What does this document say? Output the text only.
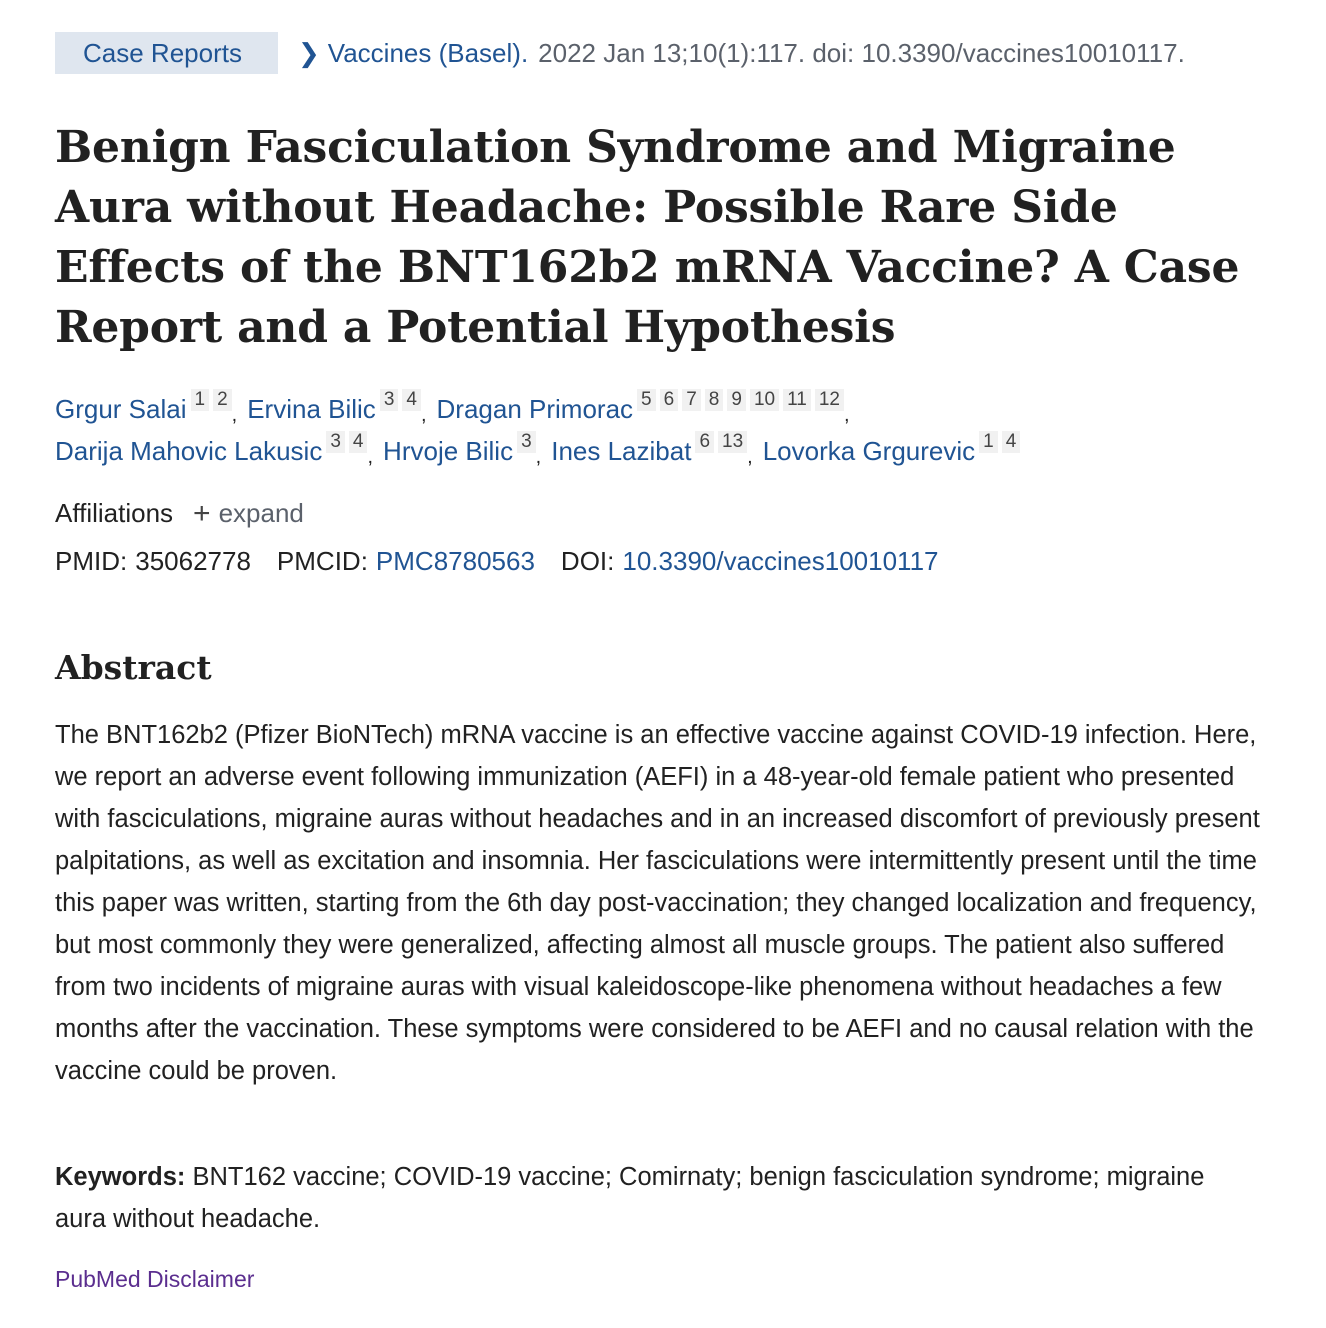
Case Reports	❯ Vaccines (Basel). 2022 Jan 13;10(1):117. doi: 10.3390/vaccines10010117.
Benign Fasciculation Syndrome and Migraine Aura without Headache: Possible Rare Side Effects of the BNT162b2 mRNA Vaccine? A Case Report and a Potential Hypothesis
Grgur Salai 1 2
, Ervina Bilic 3 4
, Dragan Primorac 5 6 7 8 9 10 11 12
,
Darija Mahovic Lakusic 3 4
, Hrvoje Bilic 3
, Ines Lazibat 6 13
, Lovorka Grgurevic 1 4
Affiliations + expand
PMID: 35062778 PMCID: PMC8780563 DOI: 10.3390/vaccines10010117
Abstract

The BNT162b2 (Pfizer BioNTech) mRNA vaccine is an effective vaccine against COVID-19 infection. Here, we report an adverse event following immunization (AEFI) in a 48-year-old female patient who presented with fasciculations, migraine auras without headaches and in an increased discomfort of previously present palpitations, as well as excitation and insomnia. Her fasciculations were intermittently present until the time this paper was written, starting from the 6th day post-vaccination; they changed localization and frequency, but most commonly they were generalized, affecting almost all muscle groups. The patient also suffered from two incidents of migraine auras with visual kaleidoscope-like phenomena without headaches a few months after the vaccination. These symptoms were considered to be AEFI and no causal relation with the vaccine could be proven.

Keywords: BNT162 vaccine; COVID-19 vaccine; Comirnaty; benign fasciculation syndrome; migraine aura without headache.

PubMed Disclaimer
